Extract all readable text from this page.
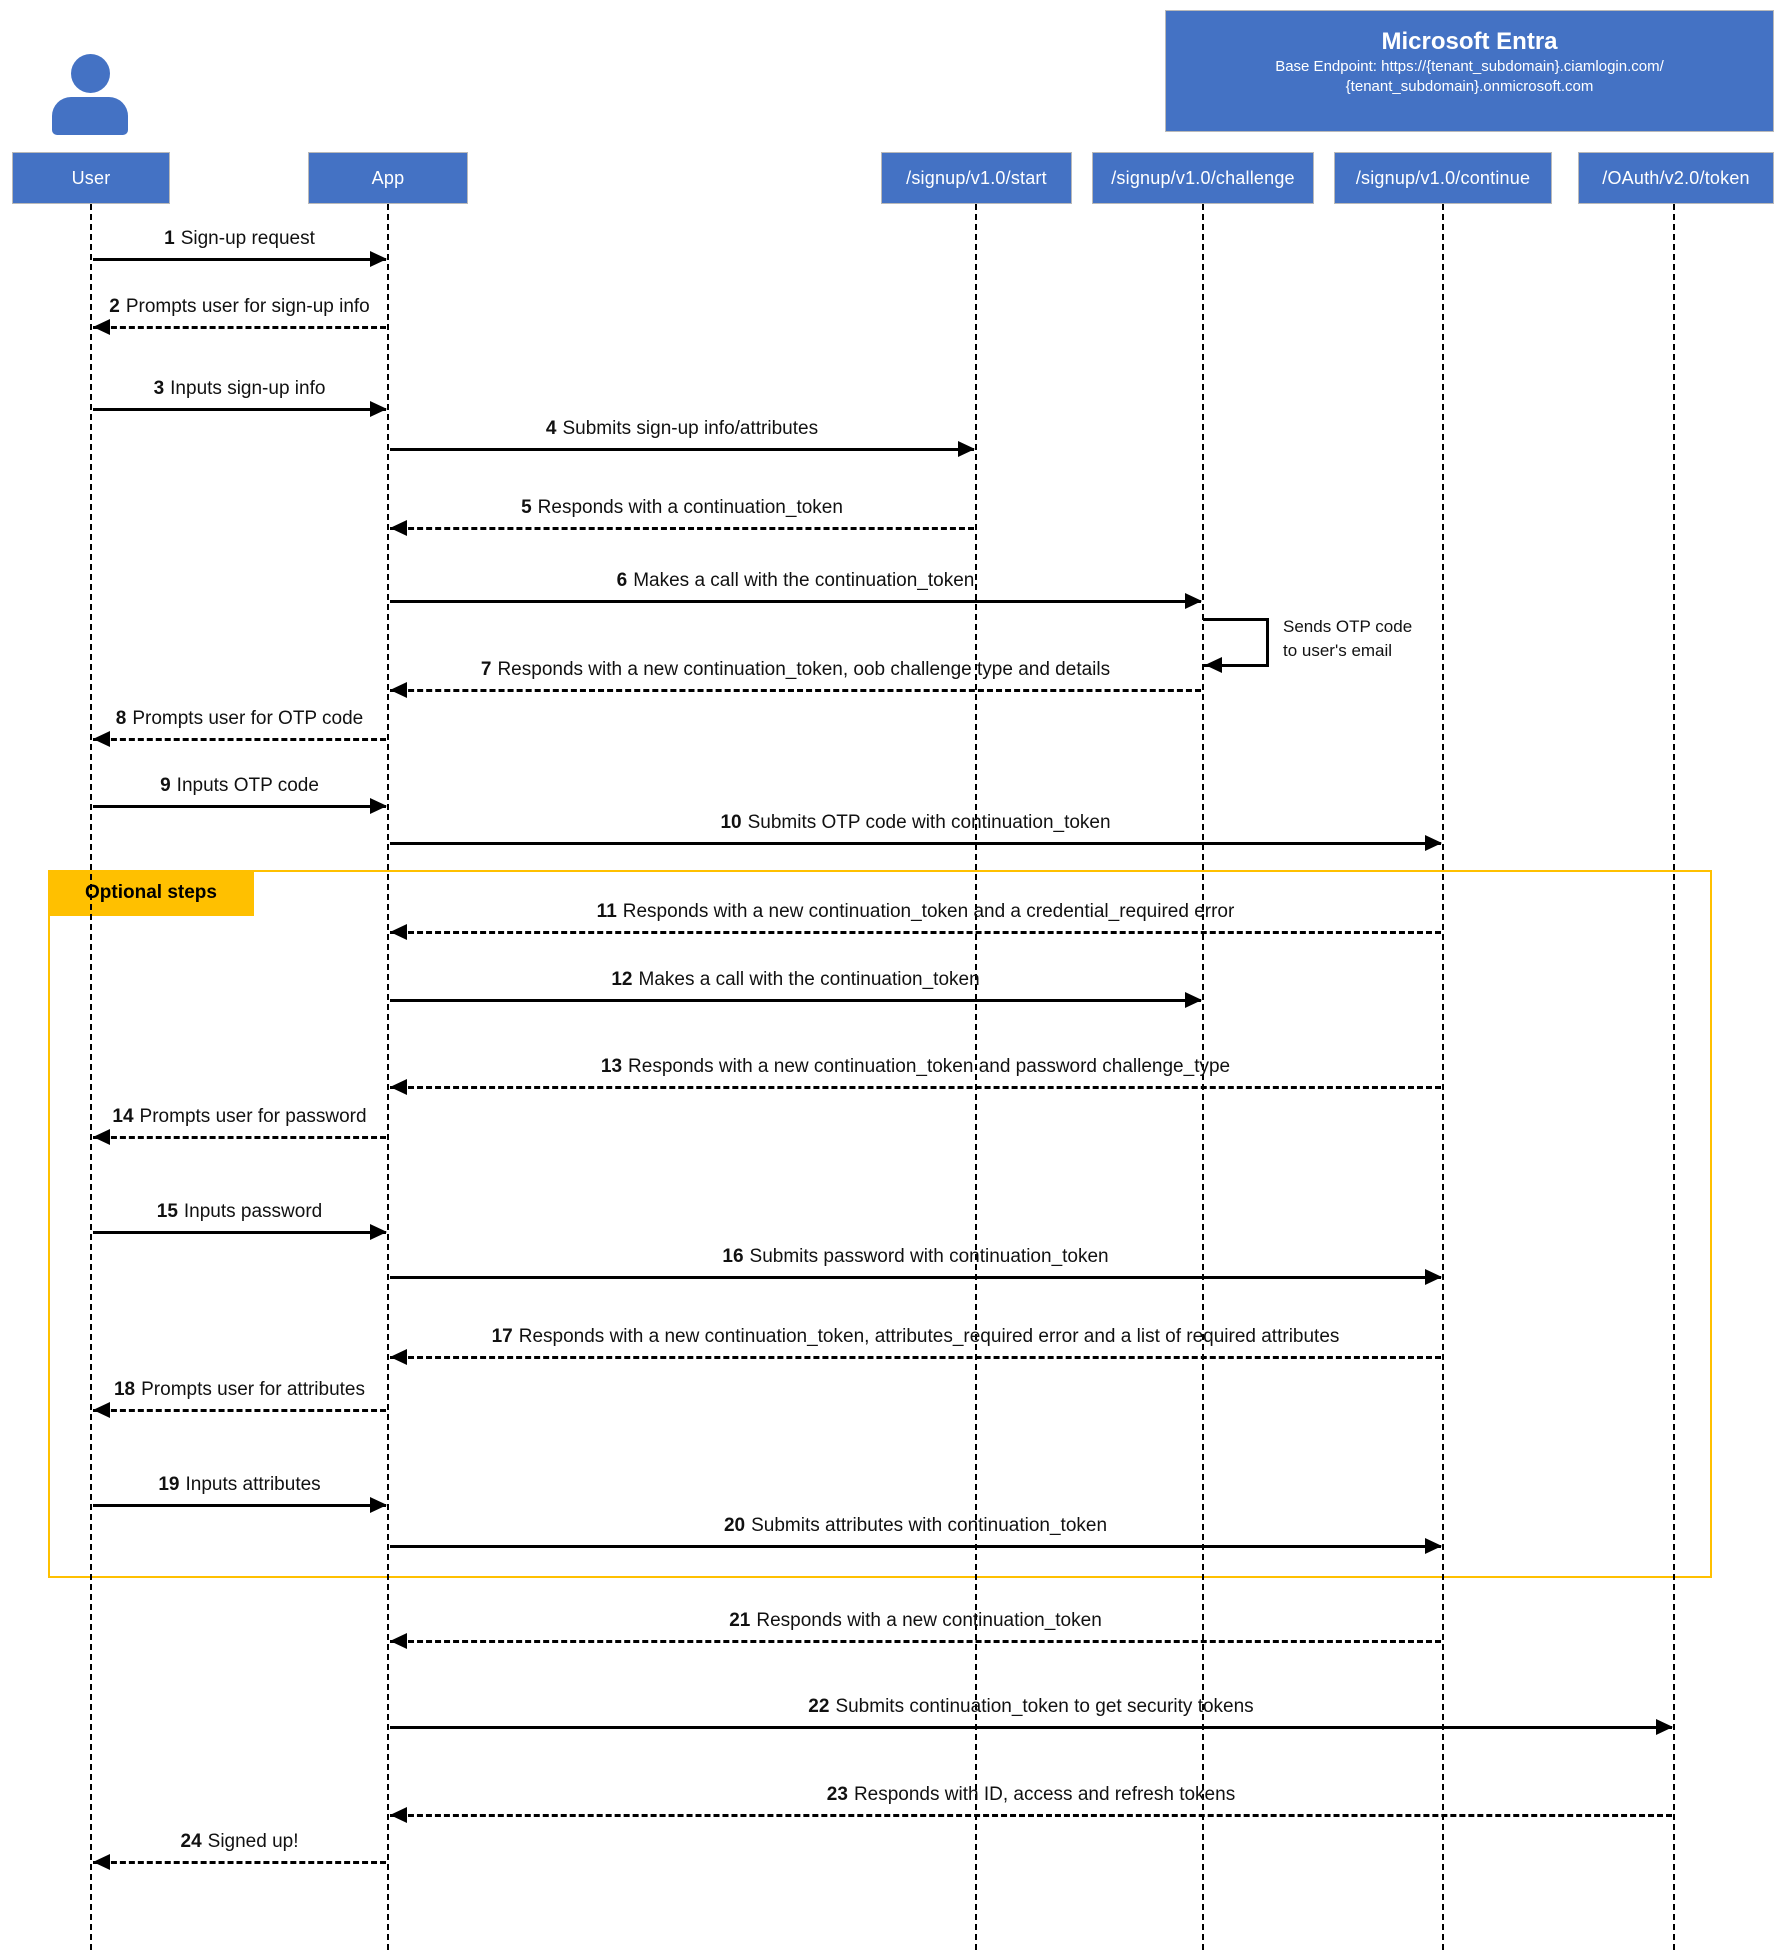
Microsoft Entra
Base Endpoint: https://{tenant_subdomain}.ciamlogin.com/
{tenant_subdomain}.onmicrosoft.com
Optional steps
Sends OTP code
to user's email
User	App	/signup/v1.0/start	/signup/v1.0/challenge	/signup/v1.0/continue	/OAuth/v2.0/token
1 Sign-up request
2 Prompts user for sign-up info
3 Inputs sign-up info
4 Submits sign-up info/attributes
5 Responds with a continuation_token
6 Makes a call with the continuation_token
7 Responds with a new continuation_token, oob challenge type and details
8 Prompts user for OTP code
9 Inputs OTP code
10 Submits OTP code with continuation_token
11 Responds with a new continuation_token and a credential_required error
12 Makes a call with the continuation_token
13 Responds with a new continuation_token and password challenge_type
14 Prompts user for password
15 Inputs password
16 Submits password with continuation_token
17 Responds with a new continuation_token, attributes_required error and a list of required attributes
18 Prompts user for attributes
19 Inputs attributes
20 Submits attributes with continuation_token
21 Responds with a new continuation_token
22 Submits continuation_token to get security tokens
23 Responds with ID, access and refresh tokens
24 Signed up!
